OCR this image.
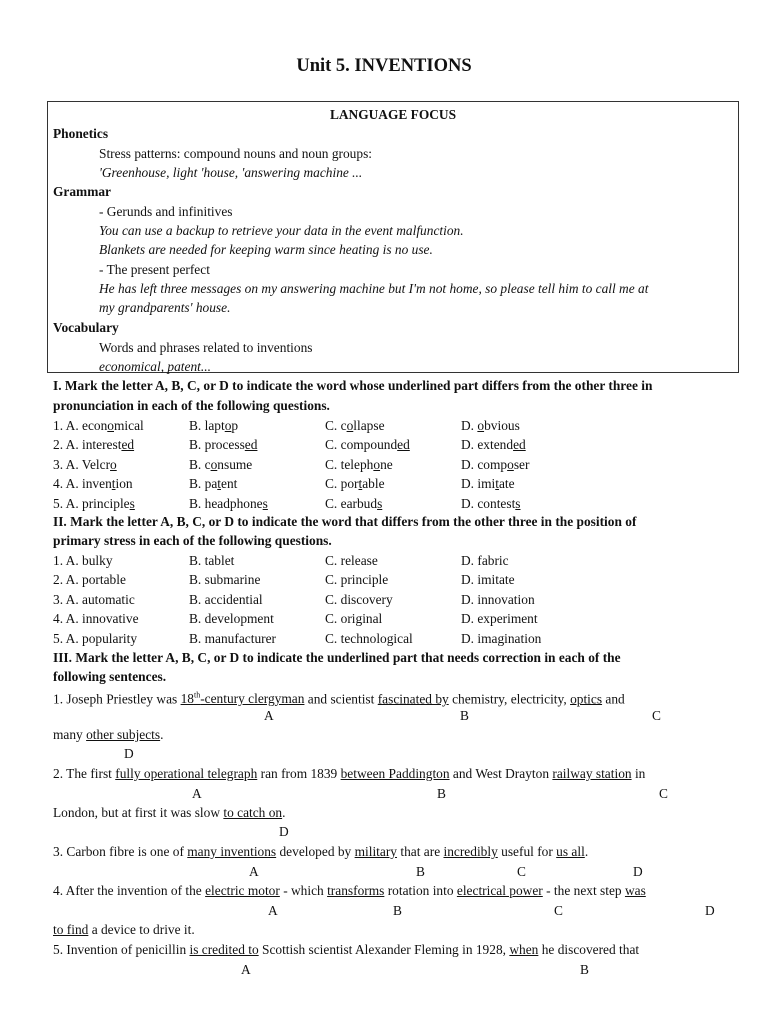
Unit 5. INVENTIONS
LANGUAGE FOCUS
Phonetics
Stress patterns: compound nouns and noun groups:
'Greenhouse, light 'house, 'answering machine ...
Grammar
- Gerunds and infinitives
You can use a backup to retrieve your data in the event malfunction.
Blankets are needed for keeping warm since heating is no use.
- The present perfect
He has left three messages on my answering machine but I'm not home, so please tell him to call me at
my grandparents' house.
Vocabulary
Words and phrases related to inventions
economical, patent...
I. Mark the letter A, B, C, or D to indicate the word whose underlined part differs from the other three in
pronunciation in each of the following questions.
1. A. economical	B. laptop	C. collapse	D. obvious
2. A. interested	B. processed	C. compounded	D. extended
3. A. Velcro	B. consume	C. telephone	D. composer
4. A. invention	B. patent	C. portable	D. imitate
5. A. principles	B. headphones	C. earbuds	D. contests
II. Mark the letter A, B, C, or D to indicate the word that differs from the other three in the position of
primary stress in each of the following questions.
1. A. bulky	B. tablet	C. release	D. fabric
2. A. portable	B. submarine	C. principle	D. imitate
3. A. automatic	B. accidential	C. discovery	D. innovation
4. A. innovative	B. development	C. original	D. experiment
5. A. popularity	B. manufacturer	C. technological	D. imagination
III. Mark the letter A, B, C, or D to indicate the underlined part that needs correction in each of the
following sentences.
1. Joseph Priestley was 18th-century clergyman and scientist fascinated by chemistry, electricity, optics and
A	B	C
many other subjects.
D
2. The first fully operational telegraph ran from 1839 between Paddington and West Drayton railway station in
A	B	C
London, but at first it was slow to catch on.
D
3. Carbon fibre is one of many inventions developed by military that are incredibly useful for us all.
A	B	C	D
4. After the invention of the electric motor - which transforms rotation into electrical power - the next step was
A	B	C	D
to find a device to drive it.
5. Invention of penicillin is credited to Scottish scientist Alexander Fleming in 1928, when he discovered that
A	B
